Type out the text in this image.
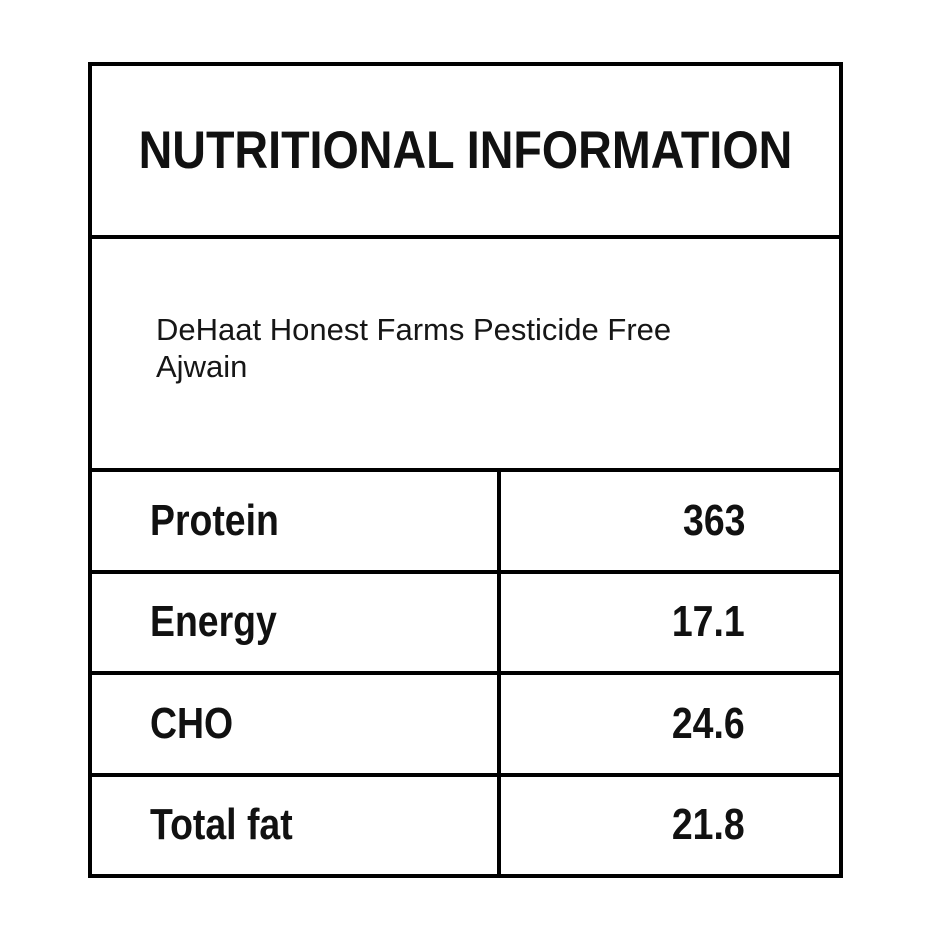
NUTRITIONAL INFORMATION
DeHaat Honest Farms Pesticide Free
Ajwain
Protein	363
Energy	17.1
CHO	24.6
Total fat	21.8
